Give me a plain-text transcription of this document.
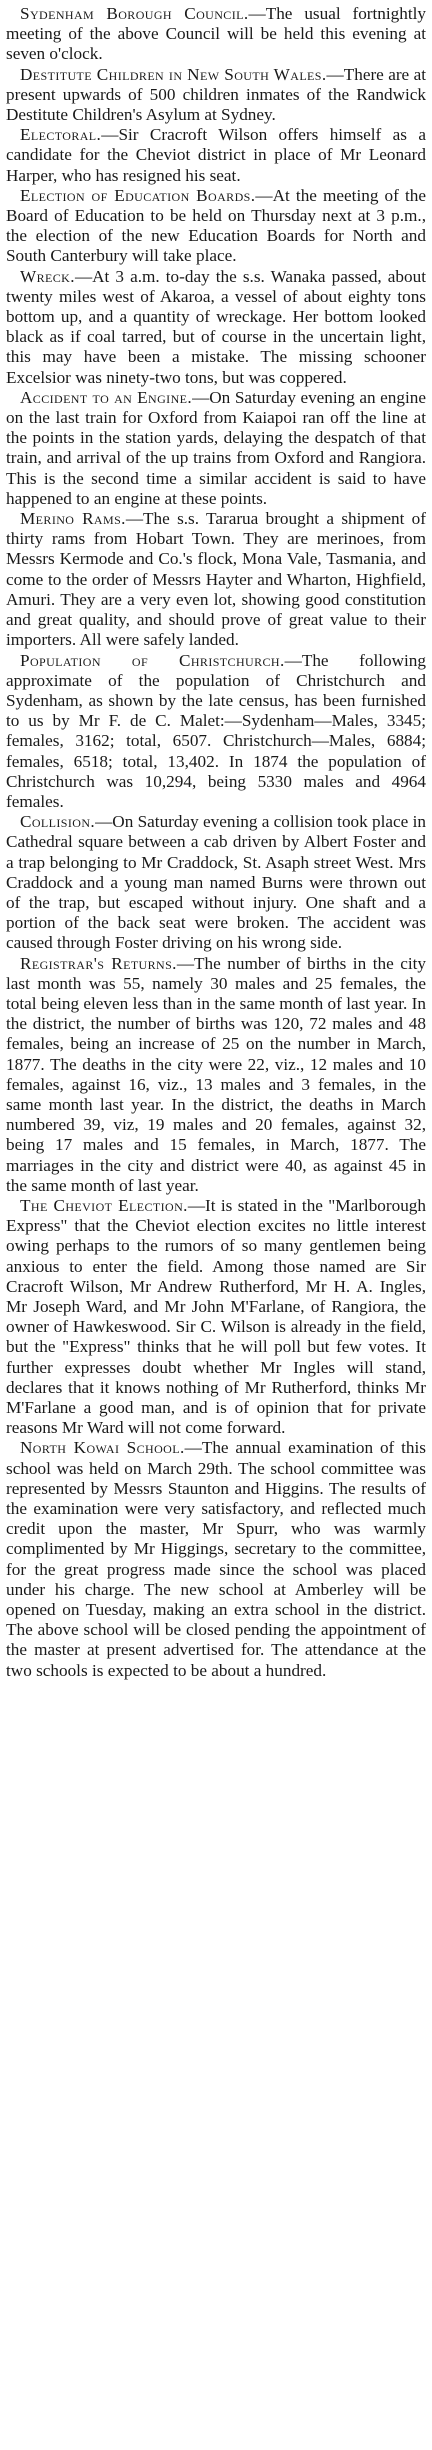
Sydenham Borough Council.—The usual fortnightly meeting of the above Council will be held this evening at seven o'clock.

Destitute Children in New South Wales.—There are at present upwards of 500 children inmates of the Randwick Destitute Children's Asylum at Sydney.

Electoral.—Sir Cracroft Wilson offers himself as a candidate for the Cheviot district in place of Mr Leonard Harper, who has resigned his seat.

Election of Education Boards.—At the meeting of the Board of Education to be held on Thursday next at 3 p.m., the election of the new Education Boards for North and South Canterbury will take place.

Wreck.—At 3 a.m. to-day the s.s. Wanaka passed, about twenty miles west of Akaroa, a vessel of about eighty tons bottom up, and a quantity of wreckage. Her bottom looked black as if coal tarred, but of course in the uncertain light, this may have been a mistake. The missing schooner Excelsior was ninety-two tons, but was coppered.

Accident to an Engine.—On Saturday evening an engine on the last train for Oxford from Kaiapoi ran off the line at the points in the station yards, delaying the despatch of that train, and arrival of the up trains from Oxford and Rangiora. This is the second time a similar accident is said to have happened to an engine at these points.

Merino Rams.—The s.s. Tararua brought a shipment of thirty rams from Hobart Town. They are merinoes, from Messrs Kermode and Co.'s flock, Mona Vale, Tasmania, and come to the order of Messrs Hayter and Wharton, Highfield, Amuri. They are a very even lot, showing good constitution and great quality, and should prove of great value to their importers. All were safely landed.

Population of Christchurch.—The following approximate of the population of Christchurch and Sydenham, as shown by the late census, has been furnished to us by Mr F. de C. Malet:—Sydenham—Males, 3345; females, 3162; total, 6507. Christchurch—Males, 6884; females, 6518; total, 13,402. In 1874 the population of Christchurch was 10,294, being 5330 males and 4964 females.

Collision.—On Saturday evening a collision took place in Cathedral square between a cab driven by Albert Foster and a trap belonging to Mr Craddock, St. Asaph street West. Mrs Craddock and a young man named Burns were thrown out of the trap, but escaped without injury. One shaft and a portion of the back seat were broken. The accident was caused through Foster driving on his wrong side.

Registrar's Returns.—The number of births in the city last month was 55, namely 30 males and 25 females, the total being eleven less than in the same month of last year. In the district, the number of births was 120, 72 males and 48 females, being an increase of 25 on the number in March, 1877. The deaths in the city were 22, viz., 12 males and 10 females, against 16, viz., 13 males and 3 females, in the same month last year. In the district, the deaths in March numbered 39, viz, 19 males and 20 females, against 32, being 17 males and 15 females, in March, 1877. The marriages in the city and district were 40, as against 45 in the same month of last year.

The Cheviot Election.—It is stated in the "Marlborough Express" that the Cheviot election excites no little interest owing perhaps to the rumors of so many gentlemen being anxious to enter the field. Among those named are Sir Cracroft Wilson, Mr Andrew Rutherford, Mr H. A. Ingles, Mr Joseph Ward, and Mr John M'Farlane, of Rangiora, the owner of Hawkeswood. Sir C. Wilson is already in the field, but the "Express" thinks that he will poll but few votes. It further expresses doubt whether Mr Ingles will stand, declares that it knows nothing of Mr Rutherford, thinks Mr M'Farlane a good man, and is of opinion that for private reasons Mr Ward will not come forward.

North Kowai School.—The annual examination of this school was held on March 29th. The school committee was represented by Messrs Staunton and Higgins. The results of the examination were very satisfactory, and reflected much credit upon the master, Mr Spurr, who was warmly complimented by Mr Higgings, secretary to the committee, for the great progress made since the school was placed under his charge. The new school at Amberley will be opened on Tuesday, making an extra school in the district. The above school will be closed pending the appointment of the master at present advertised for. The attendance at the two schools is expected to be about a hundred.
